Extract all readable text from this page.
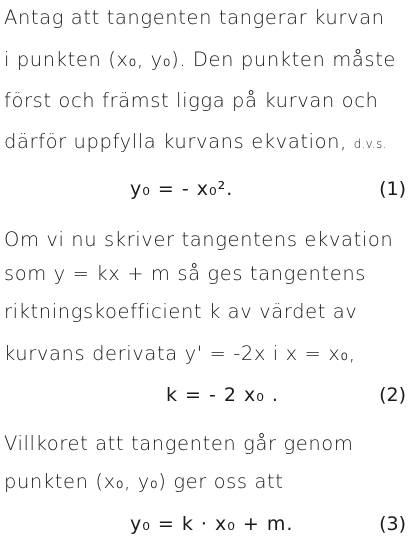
Antag att tangenten tangerar kurvan
i punkten (x₀, y₀). Den punkten måste
först och främst ligga på kurvan och
därför uppfylla kurvans ekvation, d.v.s.
y₀ = - x₀².	(1)
Om vi nu skriver tangentens ekvation
som y = kx + m så ges tangentens
riktningskoefficient k av värdet av
kurvans derivata y' = -2x i x = x₀,
k = - 2 x₀ .	(2)
Villkoret att tangenten går genom
punkten (x₀, y₀) ger oss att
y₀ = k · x₀ + m.	(3)
